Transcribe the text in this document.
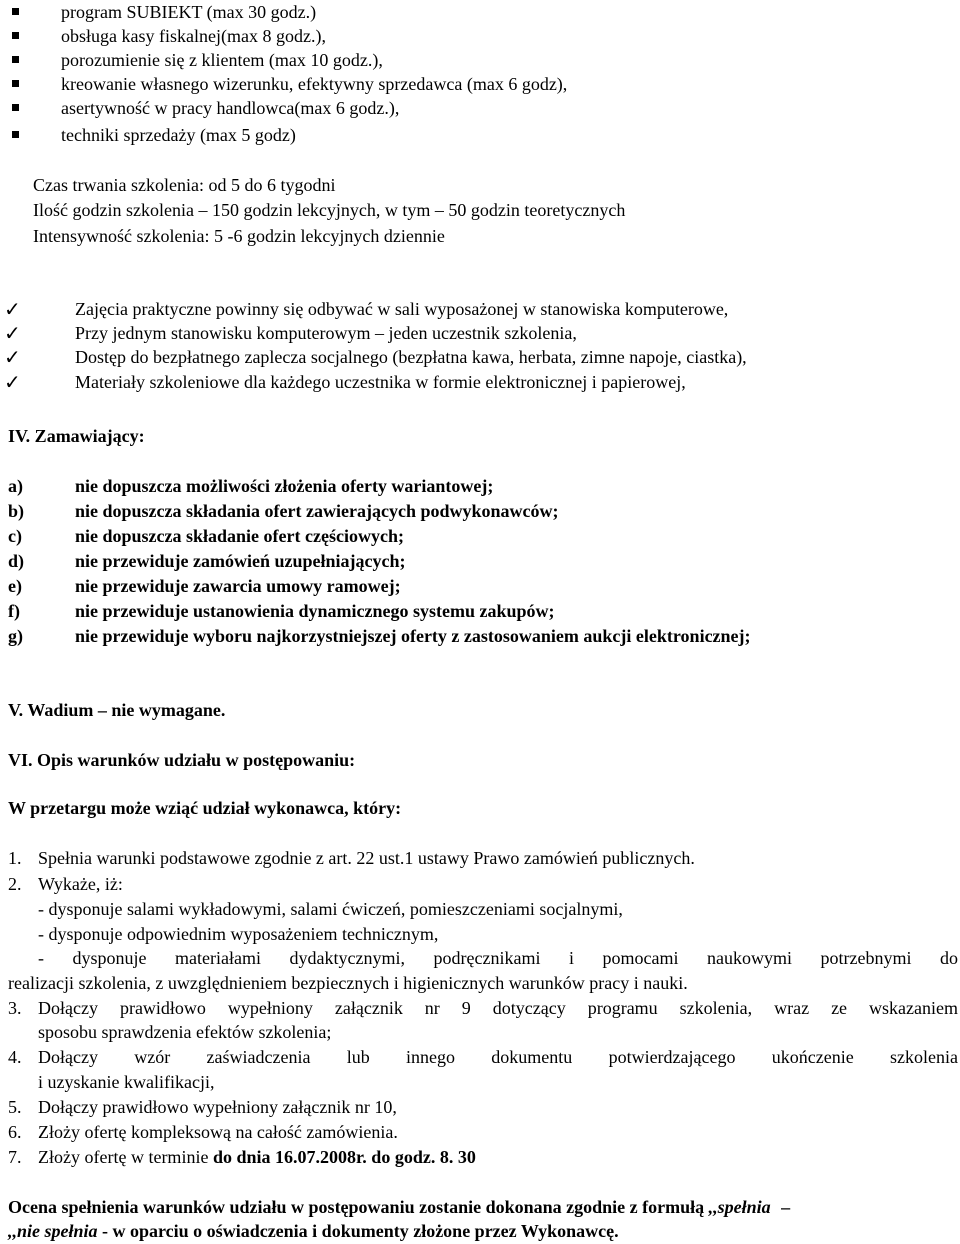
program SUBIEKT (max 30 godz.)
obsługa kasy fiskalnej(max 8 godz.),
porozumienie się z klientem (max 10 godz.),
kreowanie własnego wizerunku, efektywny sprzedawca (max 6 godz),
asertywność w pracy handlowca(max 6 godz.),
techniki sprzedaży (max 5 godz)
Czas trwania szkolenia: od 5 do 6 tygodni
Ilość godzin szkolenia – 150 godzin lekcyjnych, w tym – 50 godzin teoretycznych
Intensywność szkolenia: 5 -6 godzin lekcyjnych dziennie
✓	Zajęcia praktyczne powinny się odbywać w sali wyposażonej w stanowiska komputerowe,
✓	Przy jednym stanowisku komputerowym – jeden uczestnik szkolenia,
✓	Dostęp do bezpłatnego zaplecza socjalnego (bezpłatna kawa, herbata, zimne napoje, ciastka),
✓	Materiały szkoleniowe dla każdego uczestnika w formie elektronicznej i papierowej,
IV. Zamawiający:
a)	nie dopuszcza możliwości złożenia oferty wariantowej;
b)	nie dopuszcza składania ofert zawierających podwykonawców;
c)	nie dopuszcza składanie ofert częściowych;
d)	nie przewiduje zamówień uzupełniających;
e)	nie przewiduje zawarcia umowy ramowej;
f)	nie przewiduje ustanowienia dynamicznego systemu zakupów;
g)	nie przewiduje wyboru najkorzystniejszej oferty z zastosowaniem aukcji elektronicznej;
V. Wadium – nie wymagane.
VI. Opis warunków udziału w postępowaniu:
W przetargu może wziąć udział wykonawca, który:
1. Spełnia warunki podstawowe zgodnie z art. 22 ust.1 ustawy Prawo zamówień publicznych.
2. Wykaże, iż:
- dysponuje salami wykładowymi, salami ćwiczeń, pomieszczeniami socjalnymi,
- dysponuje odpowiednim wyposażeniem technicznym,
- dysponuje materiałami dydaktycznymi, podręcznikami i pomocami naukowymi potrzebnymi do
realizacji szkolenia, z uwzględnieniem bezpiecznych i higienicznych warunków pracy i nauki.
3. Dołączy prawidłowo wypełniony załącznik nr 9 dotyczący programu szkolenia, wraz ze wskazaniem
sposobu sprawdzenia efektów szkolenia;
4. Dołączy wzór zaświadczenia lub innego dokumentu potwierdzającego ukończenie szkolenia
i uzyskanie kwalifikacji,
5. Dołączy prawidłowo wypełniony załącznik nr 10,
6. Złoży ofertę kompleksową na całość zamówienia.
7. Złoży ofertę w terminie do dnia 16.07.2008r. do godz. 8. 30
Ocena spełnienia warunków udziału w postępowaniu zostanie dokonana zgodnie z formułą ,,spełnia –
,,nie spełnia - w oparciu o oświadczenia i dokumenty złożone przez Wykonawcę.
